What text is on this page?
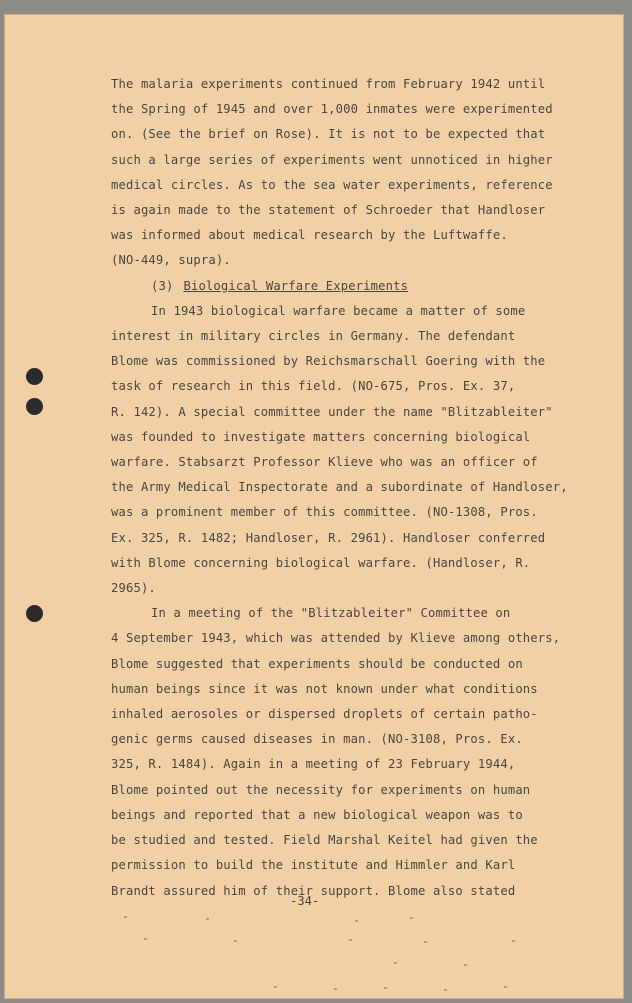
The malaria experiments continued from February 1942 until

the Spring of 1945 and over 1,000 inmates were experimented

on. (See the brief on Rose). It is not to be expected that

such a large series of experiments went unnoticed in higher

medical circles. As to the sea water experiments, reference

is again made to the statement of Schroeder that Handloser

was informed about medical research by the Luftwaffe.

(NO-449, supra).

(3) Biological Warfare Experiments

In 1943 biological warfare became a matter of some

interest in military circles in Germany. The defendant

Blome was commissioned by Reichsmarschall Goering with the

task of research in this field. (NO-675, Pros. Ex. 37,

R. 142). A special committee under the name "Blitzableiter"

was founded to investigate matters concerning biological

warfare. Stabsarzt Professor Klieve who was an officer of

the Army Medical Inspectorate and a subordinate of Handloser,

was a prominent member of this committee. (NO-1308, Pros.

Ex. 325, R. 1482; Handloser, R. 2961). Handloser conferred

with Blome concerning biological warfare. (Handloser, R.

2965).

In a meeting of the "Blitzableiter" Committee on

4 September 1943, which was attended by Klieve among others,

Blome suggested that experiments should be conducted on

human beings since it was not known under what conditions

inhaled aerosoles or dispersed droplets of certain patho-

genic germs caused diseases in man. (NO-3108, Pros. Ex.

325, R. 1484). Again in a meeting of 23 February 1944,

Blome pointed out the necessity for experiments on human

beings and reported that a new biological weapon was to

be studied and tested. Field Marshal Keitel had given the

permission to build the institute and Himmler and Karl

Brandt assured him of their support. Blome also stated

-34-
